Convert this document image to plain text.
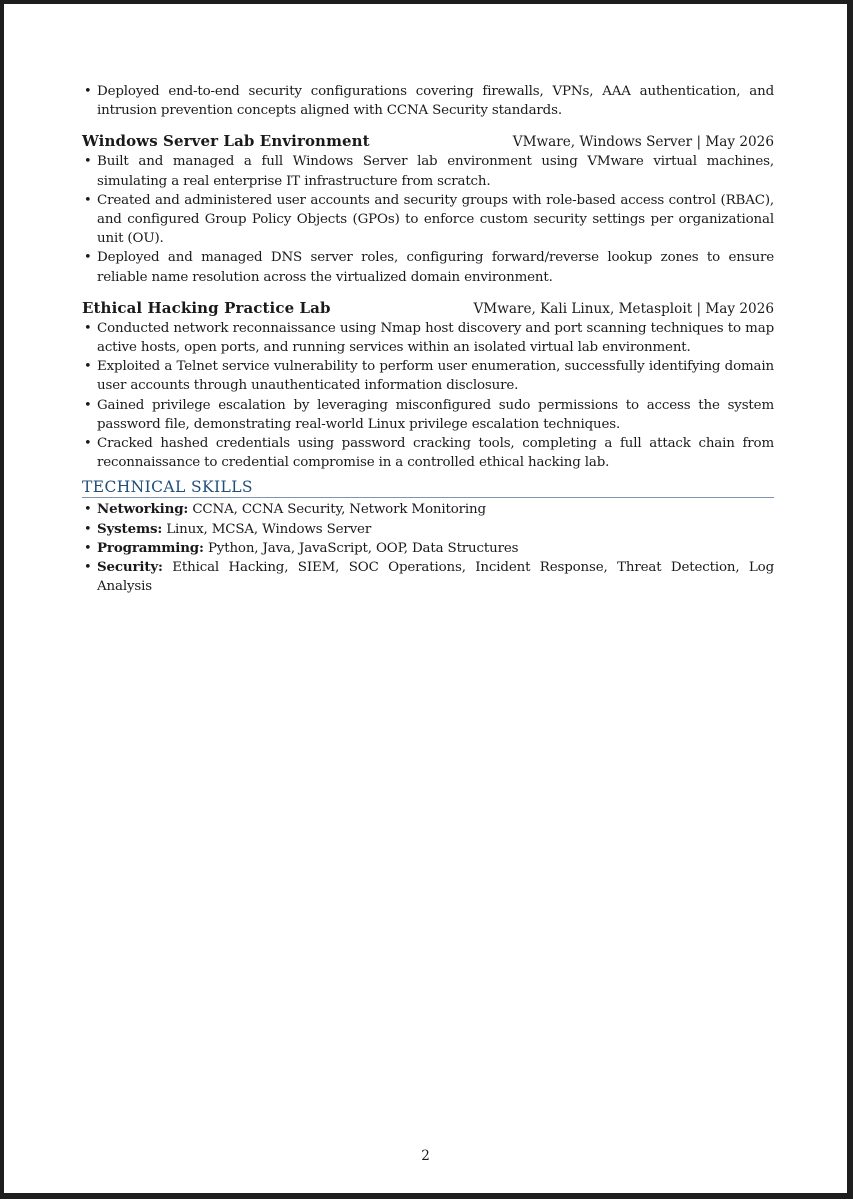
• Deployed end-to-end security configurations covering firewalls, VPNs, AAA authentication, and intrusion prevention concepts aligned with CCNA Security standards.
Windows Server Lab Environment	VMware, Windows Server | May 2026
• Built and managed a full Windows Server lab environment using VMware virtual machines, simulating a real enterprise IT infrastructure from scratch.
• Created and administered user accounts and security groups with role-based access control (RBAC), and configured Group Policy Objects (GPOs) to enforce custom security settings per organizational unit (OU).
• Deployed and managed DNS server roles, configuring forward/reverse lookup zones to ensure reliable name resolution across the virtualized domain environment.
Ethical Hacking Practice Lab	VMware, Kali Linux, Metasploit | May 2026
• Conducted network reconnaissance using Nmap host discovery and port scanning techniques to map active hosts, open ports, and running services within an isolated virtual lab environment.
• Exploited a Telnet service vulnerability to perform user enumeration, successfully identifying domain user accounts through unauthenticated information disclosure.
• Gained privilege escalation by leveraging misconfigured sudo permissions to access the system password file, demonstrating real-world Linux privilege escalation techniques.
• Cracked hashed credentials using password cracking tools, completing a full attack chain from reconnaissance to credential compromise in a controlled ethical hacking lab.
TECHNICAL SKILLS
• Networking: CCNA, CCNA Security, Network Monitoring
• Systems: Linux, MCSA, Windows Server
• Programming: Python, Java, JavaScript, OOP, Data Structures
• Security: Ethical Hacking, SIEM, SOC Operations, Incident Response, Threat Detection, Log Analysis
2
